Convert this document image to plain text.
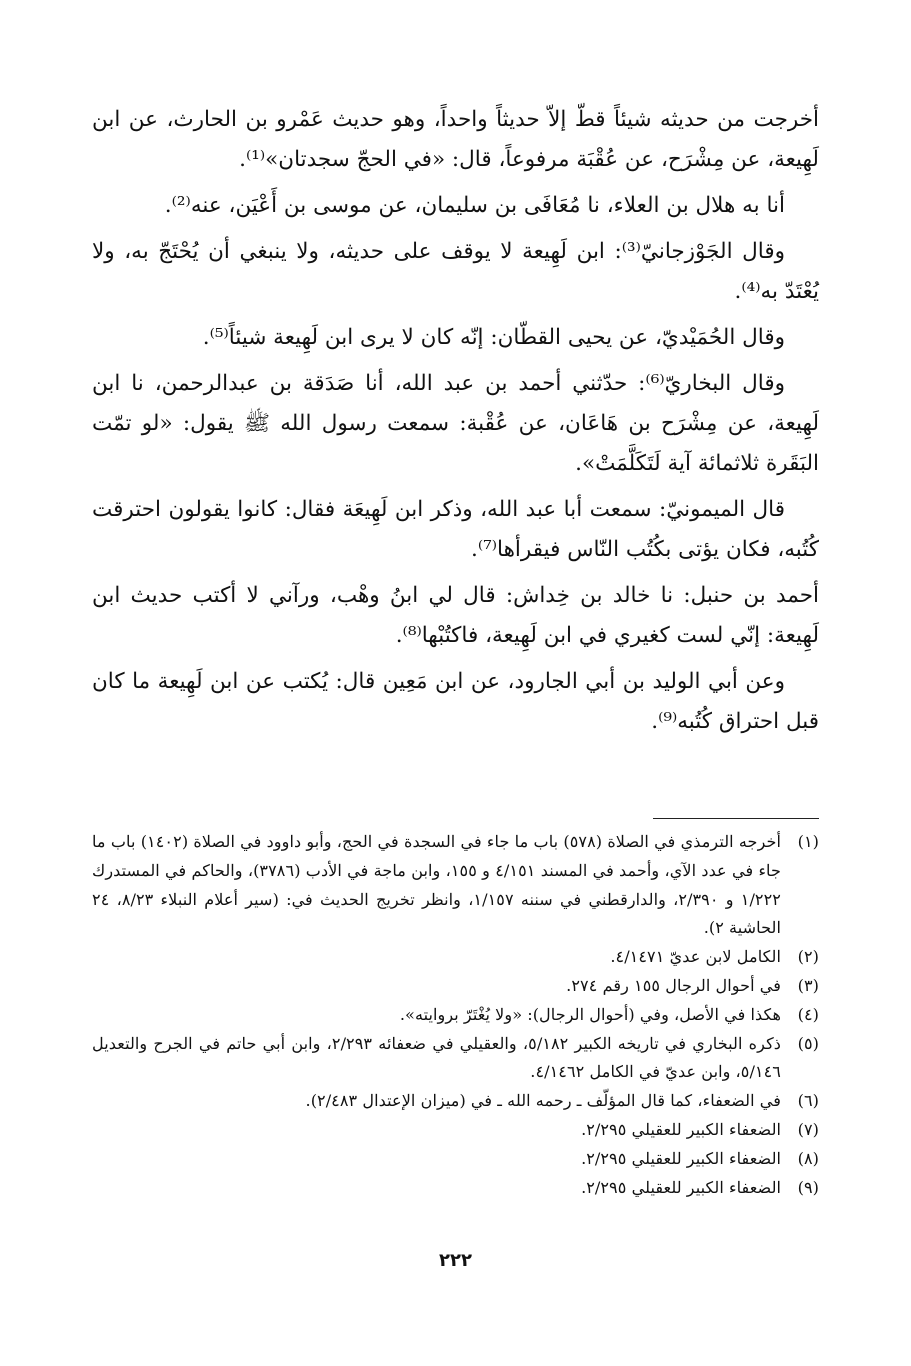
أخرجت من حديثه شيئاً قطّ إلاّ حديثاً واحداً، وهو حديث عَمْرو بن الحارث، عن ابن لَهِيعة، عن مِشْرَح، عن عُقْبَة مرفوعاً، قال: «في الحجّ سجدتان»⁽¹⁾.

أنا به هلال بن العلاء، نا مُعَافَى بن سليمان، عن موسى بن أَعْيَن، عنه⁽²⁾.

وقال الجَوْزجانيّ⁽³⁾: ابن لَهِيعة لا يوقف على حديثه، ولا ينبغي أن يُحْتَجّ به، ولا يُعْتَدّ به⁽⁴⁾.

وقال الحُمَيْديّ، عن يحيى القطّان: إنّه كان لا يرى ابن لَهِيعة شيئاً⁽⁵⁾.

وقال البخاريّ⁽⁶⁾: حدّثني أحمد بن عبد الله، أنا صَدَقة بن عبدالرحمن، نا ابن لَهِيعة، عن مِشْرَح بن هَاعَان، عن عُقْبة: سمعت رسول الله ﷺ يقول: «لو تمّت البَقَرة ثلاثمائة آية لَتَكَلَّمَتْ».

قال الميمونيّ: سمعت أبا عبد الله، وذكر ابن لَهِيعَة فقال: كانوا يقولون احترقت كُتُبه، فكان يؤتى بكُتُب النّاس فيقرأها⁽⁷⁾.

أحمد بن حنبل: نا خالد بن خِداش: قال لي ابنُ وهْب، ورآني لا أكتب حديث ابن لَهِيعة: إنّي لست كغيري في ابن لَهِيعة، فاكتُبْها⁽⁸⁾.

وعن أبي الوليد بن أبي الجارود، عن ابن مَعِين قال: يُكتب عن ابن لَهِيعة ما كان قبل احتراق كُتُبه⁽⁹⁾.

(١)
أخرجه الترمذي في الصلاة (٥٧٨) باب ما جاء في السجدة في الحج، وأبو داوود في الصلاة (١٤٠٢) باب ما جاء في عدد الآي، وأحمد في المسند ٤/١٥١ و ١٥٥، وابن ماجة في الأدب (٣٧٨٦)، والحاكم في المستدرك ١/٢٢٢ و ٢/٣٩٠، والدارقطني في سننه ١/١٥٧، وانظر تخريج الحديث في: (سير أعلام النبلاء ٨/٢٣، ٢٤ الحاشية ٢).
(٢)
الكامل لابن عديّ ٤/١٤٧١.
(٣)
في أحوال الرجال ١٥٥ رقم ٢٧٤.
(٤)
هكذا في الأصل، وفي (أحوال الرجال): «ولا يُغْتَرّ بروايته».
(٥)
ذكره البخاري في تاريخه الكبير ٥/١٨٢، والعقيلي في ضعفائه ٢/٢٩٣، وابن أبي حاتم في الجرح والتعديل ٥/١٤٦، وابن عديّ في الكامل ٤/١٤٦٢.
(٦)
في الضعفاء، كما قال المؤلّف ـ رحمه الله ـ في (ميزان الإعتدال ٢/٤٨٣).
(٧)
الضعفاء الكبير للعقيلي ٢/٢٩٥.
(٨)
الضعفاء الكبير للعقيلي ٢/٢٩٥.
(٩)
الضعفاء الكبير للعقيلي ٢/٢٩٥.
٢٢٢
